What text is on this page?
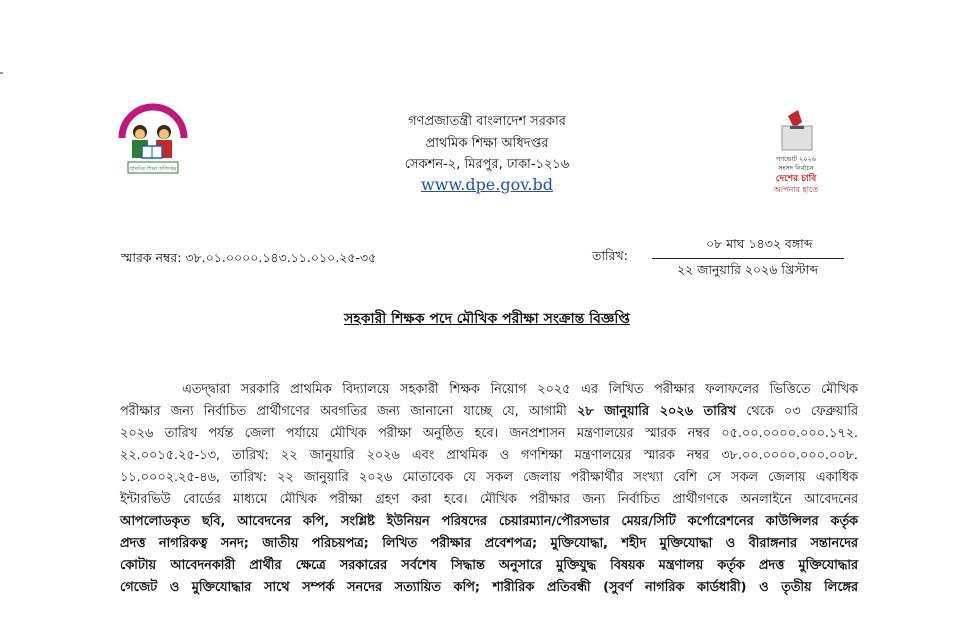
প্রাথমিক শিক্ষা অধিদপ্তর
গণপ্রজাতন্ত্রী বাংলাদেশ সরকার
প্রাথমিক শিক্ষা অধিদপ্তর
সেকশন-২, মিরপুর, ঢাকা-১২১৬
www.dpe.gov.bd
গণভোট ২০২৬
সংসদ নির্বাচন
দেশের চাবি
আপনার হাতে
স্মারক নম্বর: ৩৮.০১.০০০০.১৪৩.১১.০১০.২৫-৩৫	তারিখ:
০৮ মাঘ ১৪৩২ বঙ্গাব্দ
২২ জানুয়ারি ২০২৬ খ্রিস্টাব্দ
সহকারী শিক্ষক পদে মৌখিক পরীক্ষা সংক্রান্ত বিজ্ঞপ্তি
এতদ্দ্বারা সরকারি প্রাথমিক বিদ্যালয়ে সহকারী শিক্ষক নিয়োগ ২০২৫ এর লিখিত পরীক্ষার ফলাফলের ভিত্তিতে মৌখিক
পরীক্ষার জন্য নির্বাচিত প্রার্থীগণের অবগতির জন্য জানানো যাচ্ছে যে, আগামী ২৮ জানুয়ারি ২০২৬ তারিখ থেকে ০৩ ফেব্রুয়ারি
২০২৬ তারিখ পর্যন্ত জেলা পর্যায়ে মৌখিক পরীক্ষা অনুষ্ঠিত হবে। জনপ্রশাসন মন্ত্রণালয়ের স্মারক নম্বর ০৫.০০.০০০০.০০০.১৭২.
২২.০০১৫.২৫-১৩, তারিখ: ২২ জানুয়ারি ২০২৬ এবং প্রাথমিক ও গণশিক্ষা মন্ত্রণালয়ের স্মারক নম্বর ৩৮.০০.০০০০.০০০.০০৮.
১১.০০০২.২৫-৪৬, তারিখ: ২২ জানুয়ারি ২০২৬ মোতাবেক যে সকল জেলায় পরীক্ষার্থীর সংখ্যা বেশি সে সকল জেলায় একাধিক
ইন্টারভিউ বোর্ডের মাধ্যমে মৌখিক পরীক্ষা গ্রহণ করা হবে। মৌখিক পরীক্ষার জন্য নির্বাচিত প্রার্থীগণকে অনলাইনে আবেদনের
আপলোডকৃত ছবি, আবেদনের কপি, সংশ্লিষ্ট ইউনিয়ন পরিষদের চেয়ারম্যান/পৌরসভার মেয়র/সিটি কর্পোরেশনের কাউন্সিলর কর্তৃক
প্রদত্ত নাগরিকত্ব সনদ; জাতীয় পরিচয়পত্র; লিখিত পরীক্ষার প্রবেশপত্র; মুক্তিযোদ্ধা, শহীদ মুক্তিযোদ্ধা ও বীরাঙ্গনার সন্তানদের
কোটায় আবেদনকারী প্রার্থীর ক্ষেত্রে সরকারের সর্বশেষ সিদ্ধান্ত অনুসারে মুক্তিযুদ্ধ বিষয়ক মন্ত্রণালয় কর্তৃক প্রদত্ত মুক্তিযোদ্ধার
গেজেট ও মুক্তিযোদ্ধার সাথে সম্পর্ক সনদের সত্যায়িত কপি; শারীরিক প্রতিবন্ধী (সুবর্ণ নাগরিক কার্ডধারী) ও তৃতীয় লিঙ্গের
